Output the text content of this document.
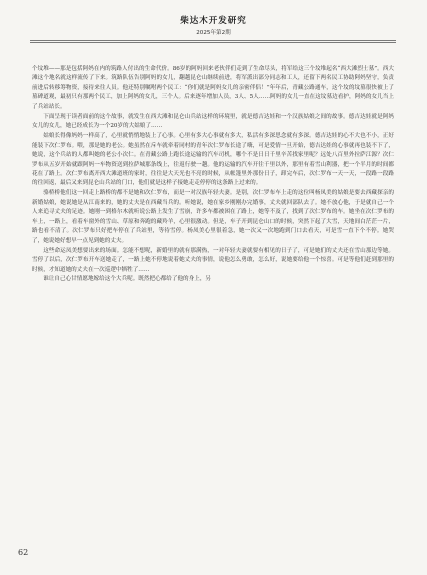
柴达木开发研究
2025年第2期

个坟堆——那是包括阿妈在内的筑路人付出的生命代价。86岁的阿妈回来老伙伴们走到了生命尽头，将军给这三个坟堆起名“西大滩烈士墓”。西大滩这个地名就这样流传了下来。筑路队伍告别阿妈的女儿，翻越昆仑山继续前进，将军派出部分同志和工人，还留下两名民工协助阿妈坚守，负责前进后转移筹物资，接待来往人员。他还特别嘱咐两个民工：“你们就是阿妈女儿的亲密伴侣！”年年后，青藏公路通车，这个坟的坟墓很快被上了墓碑道观，最初只有那两个民工，加上阿妈的女儿，三个人。后来逐年增加人员，3人、5人……阿妈的女儿一直在这坟墓边看护，阿妈的女儿当上了兵站站长。

下面呈现于读者面前的这个故事，就发生在西大滩和昆仑山兵站这样的环境里，就是德吉达娃和一个汉族姑娘之间的故事。德吉达娃就是阿妈女儿的女儿，她已经成长为一个20岁的大姑娘了……

姑娘长得像妈妈一样高了，心里就悄悄地装上了心事。心里有多大心事就有多大，私活有多深思念就有多深。德吉达娃的心不大也不小，正好能装下次仁罗布。喂，那是她的老公。她虽然在斥车就牵着同村的青年次仁罗布长途了嗨，可是爱情一旦开始，德吉达娃的心事就再也装不下了，她说，这个兵站的人都叫她的老公小次仁。在青藏公路上跑长途运输的汽车司机，哪个不是日日千里辛苦找家里呢？远处八百里外拉萨江源？次仁罗布从五岁开始就跟阿妈一车物资送到拉萨城那条线上，往返行驶一趟。他的运输的汽车开往千里以外，那里有着雪山利器，把一个半月的时间都花在了路上。次仁罗布离开西大滩道班的家时，往往是大天光也不亮的时候，从帐篷里外那份日子，卸完车后，次仁罗布一天一天，一段路一段路的往回返，最后又来到昆仑山兵站的门口，他们就是这样子接她走走停停的这条路上过来的。

骆桥桥他们这一回走上路桥的都不是她和次仁罗布，而是一对汉族年轻夫妻。是别，次仁罗布车上走的这位叫杨凤美的姑娘是要去西藏探亲的新婚姑娘，她说她是从江南来的，她的丈夫是在西藏当兵的。听她说，她在家乡刚刚办完婚事，丈夫就回部队去了。她不放心他，于是就自己一个人来追寻丈夫的足迹。她刚一到格尔木就听说公路上发生了雪崩，许多车都被困在了路上，她等不及了，找到了次仁罗布的车。她坐在次仁罗布的车上，一路上，看着车窗外的雪山、草原和奔跑的藏羚羊，心里很激动。但是，车子开到昆仑山口的时候，突然下起了大雪，天地间白茫茫一片，路也看不清了。次仁罗布只好把车停在了兵站里，等待雪停。杨凤美心里很着急，她一次又一次地跑到门口去看天，可是雪一直下个不停。她哭了，她说她好想早一点见到她的丈夫。

这些命运凤美想要出来的场面。怎能不想呢，新婚里的就有那满热，一对年轻夫妻就要有相见的日子了，可是她们的丈夫还在雪山那边等她。雪停了以后，次仁罗布开车送她走了，一路上她不停地说着她丈夫的事情，说他怎么勇敢，怎么好，说她要给他一个惊喜。可是等他们赶到那里的时候，才知道她的丈夫在一次巡逻中牺牲了……

谁让自己心甘情愿地嫁给这个大兵呢。既然把心都给了他的身上，另

62
